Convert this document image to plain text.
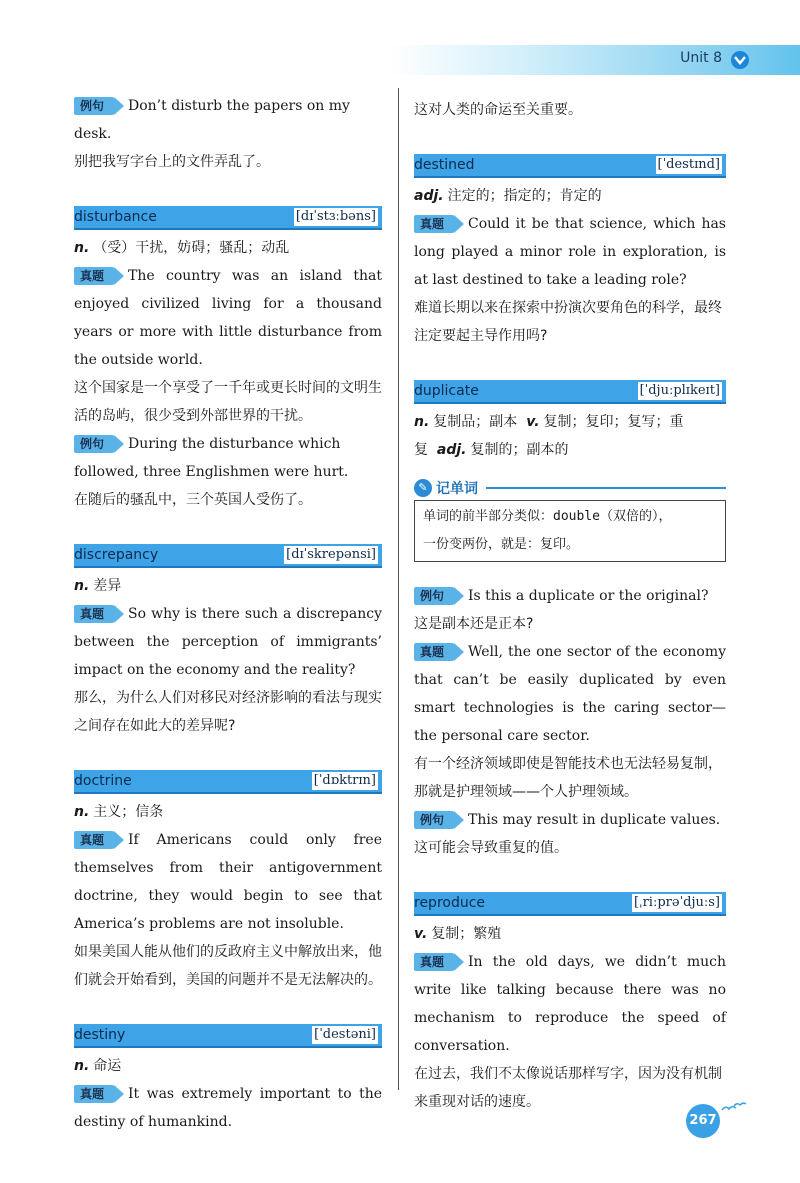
Unit 8

例句 Don’t disturb the papers on my desk.

别把我写字台上的文件弄乱了。

disturbance	[dɪˈstɜːbəns]

n. （受）干扰，妨碍；骚乱；动乱

真题 The country was an island that enjoyed civilized living for a thousand years or more with little disturbance from the outside world.

这个国家是一个享受了一千年或更长时间的文明生活的岛屿，很少受到外部世界的干扰。

例句 During the disturbance which followed, three Englishmen were hurt.

在随后的骚乱中，三个英国人受伤了。

discrepancy	[dɪˈskrepənsi]

n. 差异

真题 So why is there such a discrepancy between the perception of immigrants’ impact on the economy and the reality?

那么，为什么人们对移民对经济影响的看法与现实之间存在如此大的差异呢?

doctrine	[ˈdɒktrɪn]

n. 主义；信条

真题 If Americans could only free themselves from their antigovernment doctrine, they would begin to see that America’s problems are not insoluble.

如果美国人能从他们的反政府主义中解放出来，他们就会开始看到，美国的问题并不是无法解决的。

destiny	[ˈdestəni]

n. 命运

真题 It was extremely important to the destiny of humankind.

这对人类的命运至关重要。

destined	[ˈdestɪnd]

adj. 注定的；指定的；肯定的

真题 Could it be that science, which has long played a minor role in exploration, is at last destined to take a leading role?

难道长期以来在探索中扮演次要角色的科学，最终注定要起主导作用吗?

duplicate	[ˈdjuːplɪkeɪt]

n. 复制品；副本 v. 复制；复印；复写；重复 adj. 复制的；副本的

✎ 记单词
单词的前半部分类似：double（双倍的），
一份变两份，就是：复印。

例句 Is this a duplicate or the original?

这是副本还是正本?

真题 Well, the one sector of the economy that can’t be easily duplicated by even smart technologies is the caring sector—the personal care sector.

有一个经济领域即使是智能技术也无法轻易复制，那就是护理领域——个人护理领域。

例句 This may result in duplicate values.

这可能会导致重复的值。

reproduce	[ˌriːprəˈdjuːs]

v. 复制；繁殖

真题 In the old days, we didn’t much write like talking because there was no mechanism to reproduce the speed of conversation.

在过去，我们不太像说话那样写字，因为没有机制来重现对话的速度。

267
